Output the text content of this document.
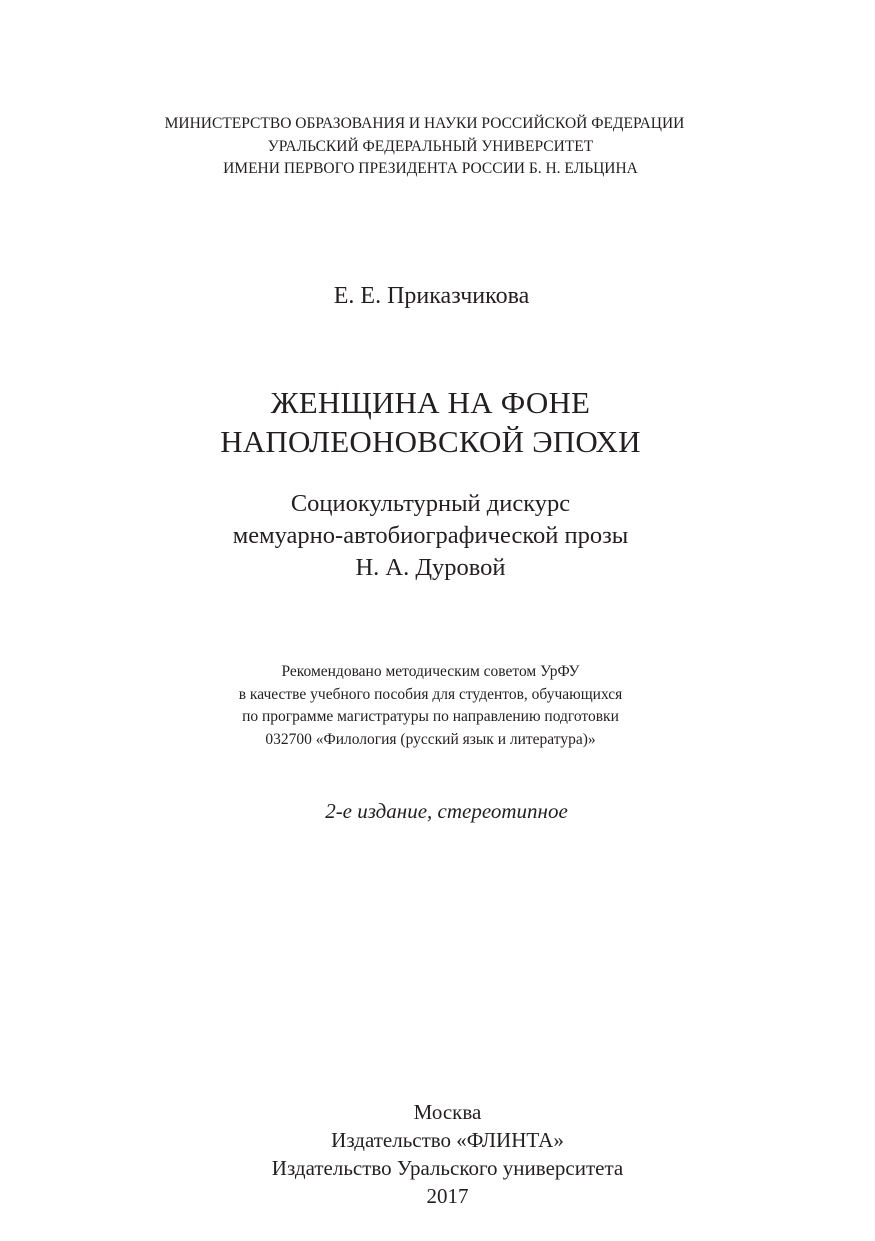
МИНИСТЕРСТВО ОБРАЗОВАНИЯ И НАУКИ РОССИЙСКОЙ ФЕДЕРАЦИИ
УРАЛЬСКИЙ ФЕДЕРАЛЬНЫЙ УНИВЕРСИТЕТ
ИМЕНИ ПЕРВОГО ПРЕЗИДЕНТА РОССИИ Б. Н. ЕЛЬЦИНА
Е. Е. Приказчикова
ЖЕНЩИНА НА ФОНЕ
НАПОЛЕОНОВСКОЙ ЭПОХИ
Социокультурный дискурс
мемуарно-автобиографической прозы
Н. А. Дуровой
Рекомендовано методическим советом УрФУ
в качестве учебного пособия для студентов, обучающихся
по программе магистратуры по направлению подготовки
032700 «Филология (русский язык и литература)»
2-е издание, стереотипное
Москва
Издательство «ФЛИНТА»
Издательство Уральского университета
2017
